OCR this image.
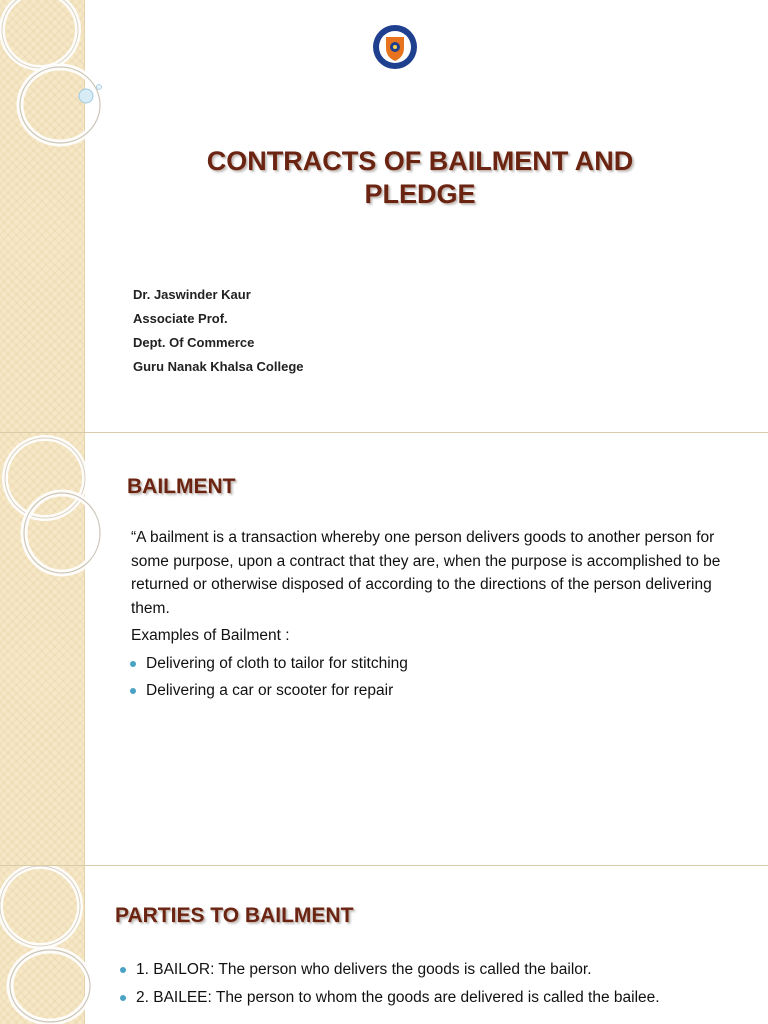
CONTRACTS OF BAILMENT AND
PLEDGE
Dr. Jaswinder Kaur
Associate Prof.
Dept. Of Commerce
Guru Nanak Khalsa College
BAILMENT

“A bailment is a transaction whereby one person delivers goods to another person for some purpose, upon a contract that they are, when the purpose is accomplished to be returned or otherwise disposed of according to the directions of the person delivering them.

Examples of Bailment :

Delivering of cloth to tailor for stitching
Delivering a car or scooter for repair
PARTIES TO BAILMENT
1. BAILOR: The person who delivers the goods is called the bailor.
2. BAILEE: The person to whom the goods are delivered is called the bailee.
